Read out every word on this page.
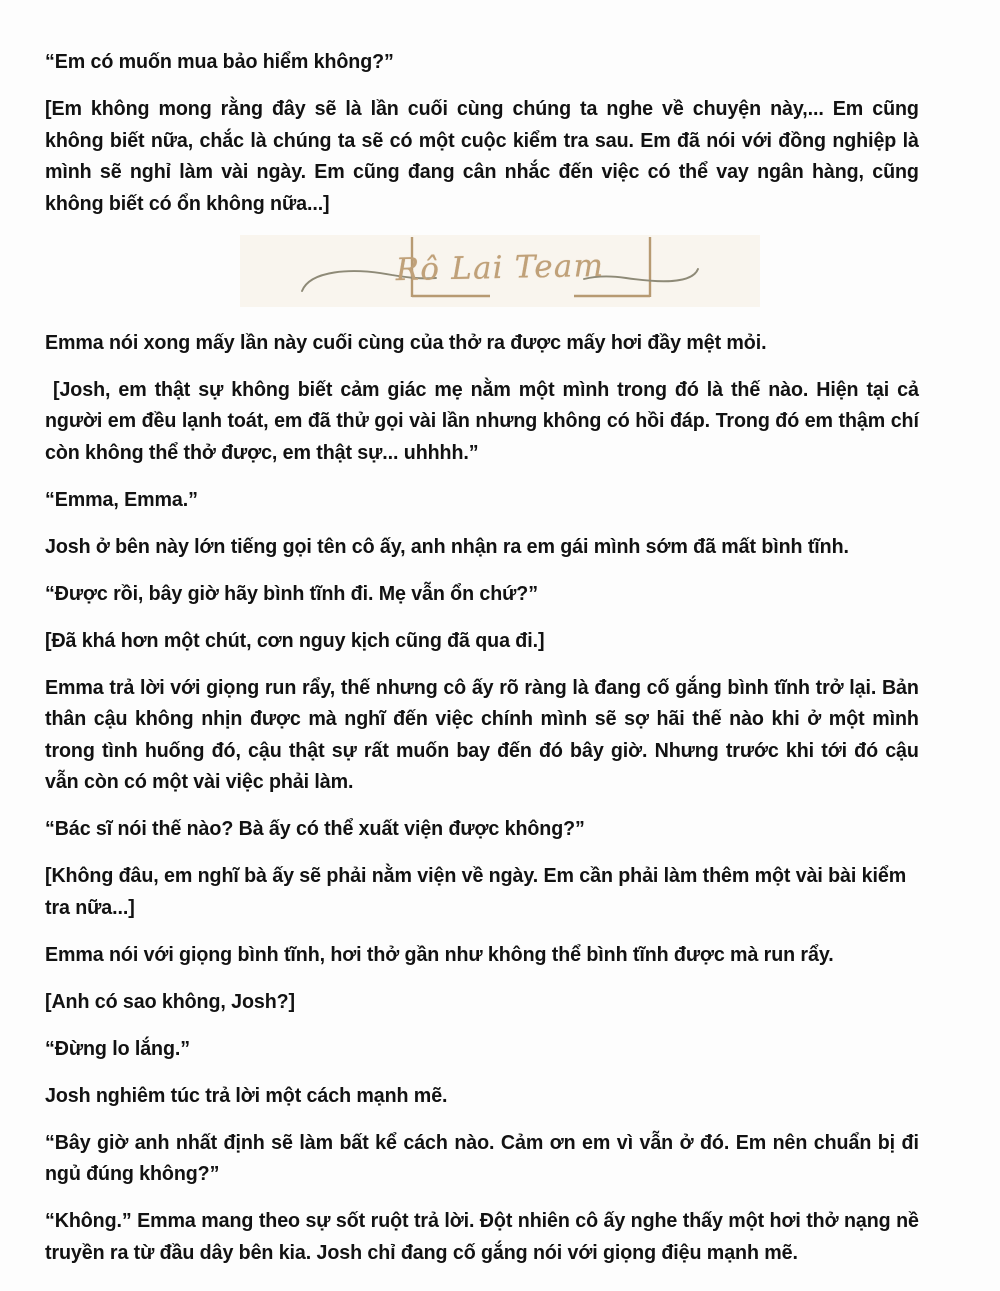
“Em có muốn mua bảo hiểm không?”

[Em không mong rằng đây sẽ là lần cuối cùng chúng ta nghe về chuyện này,... Em cũng không biết nữa, chắc là chúng ta sẽ có một cuộc kiểm tra sau. Em đã nói với đồng nghiệp là mình sẽ nghỉ làm vài ngày. Em cũng đang cân nhắc đến việc có thể vay ngân hàng, cũng không biết có ổn không nữa...]

Rô Lai Team

Emma nói xong mấy lần này cuối cùng của thở ra được mấy hơi đầy mệt mỏi.

[Josh, em thật sự không biết cảm giác mẹ nằm một mình trong đó là thế nào. Hiện tại cả người em đều lạnh toát, em đã thử gọi vài lần nhưng không có hồi đáp. Trong đó em thậm chí còn không thể thở được, em thật sự... uhhhh.”

“Emma, Emma.”

Josh ở bên này lớn tiếng gọi tên cô ấy, anh nhận ra em gái mình sớm đã mất bình tĩnh.

“Được rồi, bây giờ hãy bình tĩnh đi. Mẹ vẫn ổn chứ?”

[Đã khá hơn một chút, cơn nguy kịch cũng đã qua đi.]

Emma trả lời với giọng run rẩy, thế nhưng cô ấy rõ ràng là đang cố gắng bình tĩnh trở lại. Bản thân cậu không nhịn được mà nghĩ đến việc chính mình sẽ sợ hãi thế nào khi ở một mình trong tình huống đó, cậu thật sự rất muốn bay đến đó bây giờ. Nhưng trước khi tới đó cậu vẫn còn có một vài việc phải làm.

“Bác sĩ nói thế nào? Bà ấy có thể xuất viện được không?”

[Không đâu, em nghĩ bà ấy sẽ phải nằm viện về ngày. Em cần phải làm thêm một vài bài kiểm tra nữa...]

Emma nói với giọng bình tĩnh, hơi thở gần như không thể bình tĩnh được mà run rẩy.

[Anh có sao không, Josh?]

“Đừng lo lắng.”

Josh nghiêm túc trả lời một cách mạnh mẽ.

“Bây giờ anh nhất định sẽ làm bất kể cách nào. Cảm ơn em vì vẫn ở đó. Em nên chuẩn bị đi ngủ đúng không?”

“Không.” Emma mang theo sự sốt ruột trả lời. Đột nhiên cô ấy nghe thấy một hơi thở nạng nề truyền ra từ đầu dây bên kia. Josh chỉ đang cố gắng nói với giọng điệu mạnh mẽ.
